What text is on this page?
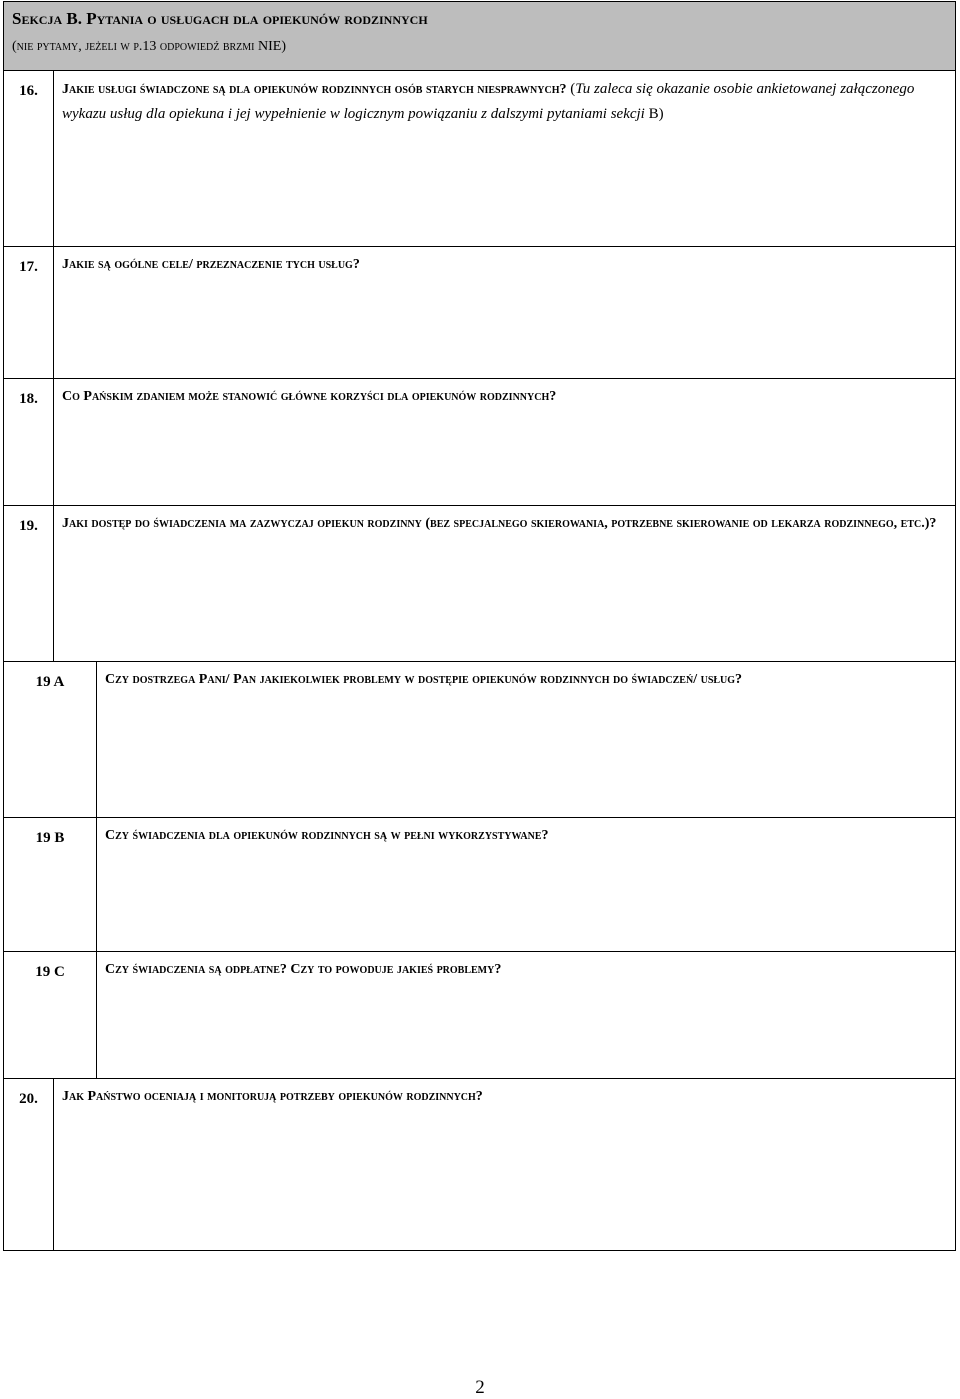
Sekcja B. Pytania o usługach dla opiekunów rodzinnych
(nie pytamy, jeżeli w p.13 odpowiedź brzmi NIE)
16.	Jakie usługi świadczone są dla opiekunów rodzinnych osób starych niesprawnych? (Tu zaleca się okazanie osobie ankietowanej załączonego wykazu usług dla opiekuna i jej wypełnienie w logicznym powiązaniu z dalszymi pytaniami sekcji B)
17.	Jakie są ogólne cele/ przeznaczenie tych usług?
18.	Co Pańskim zdaniem może stanowić główne korzyści dla opiekunów rodzinnych?
19.	Jaki dostęp do świadczenia ma zazwyczaj opiekun rodzinny (bez specjalnego skierowania, potrzebne skierowanie od lekarza rodzinnego, etc.)?
19 A	Czy dostrzega Pani/ Pan jakiekolwiek problemy w dostępie opiekunów rodzinnych do świadczeń/ usług?
19 B	Czy świadczenia dla opiekunów rodzinnych są w pełni wykorzystywane?
19 C	Czy świadczenia są odpłatne? Czy to powoduje jakieś problemy?
20.	Jak Państwo oceniają i monitorują potrzeby opiekunów rodzinnych?
2
